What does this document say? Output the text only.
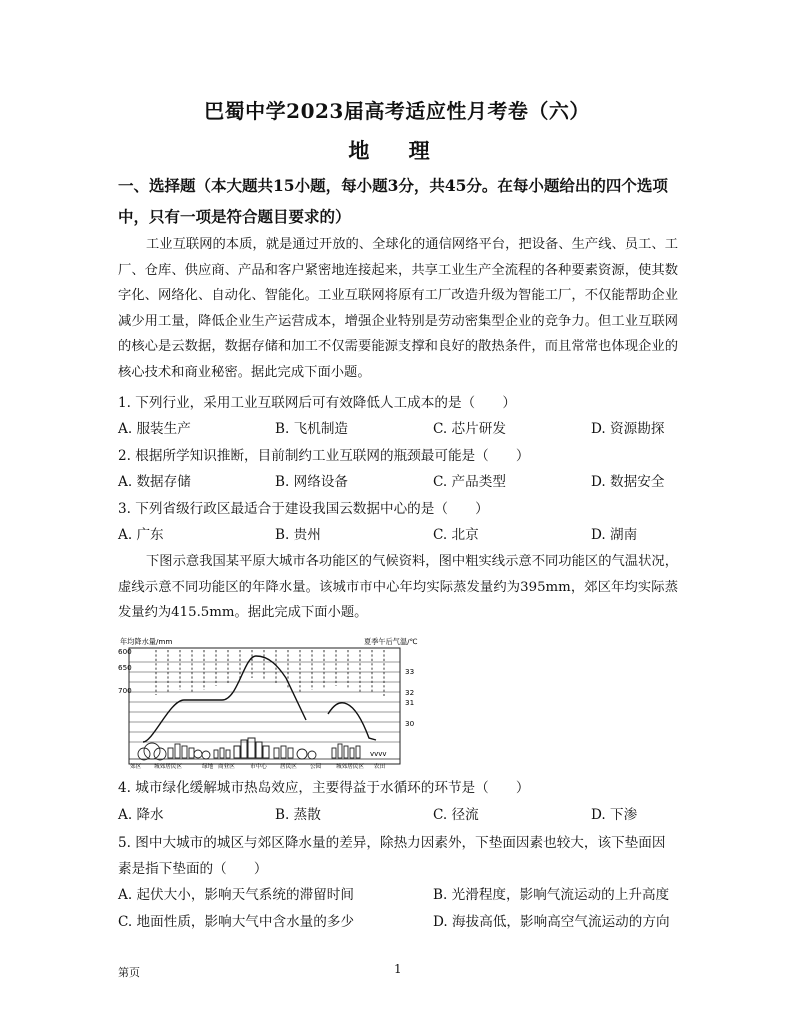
巴蜀中学2023届高考适应性月考卷（六）
地 理
一、选择题（本大题共15小题，每小题3分，共45分。在每小题给出的四个选项中，只有一项是符合题目要求的）
工业互联网的本质，就是通过开放的、全球化的通信网络平台，把设备、生产线、员工、工厂、仓库、供应商、产品和客户紧密地连接起来，共享工业生产全流程的各种要素资源，使其数字化、网络化、自动化、智能化。工业互联网将原有工厂改造升级为智能工厂，不仅能帮助企业减少用工量，降低企业生产运营成本，增强企业特别是劳动密集型企业的竞争力。但工业互联网的核心是云数据，数据存储和加工不仅需要能源支撑和良好的散热条件，而且常常也体现企业的核心技术和商业秘密。据此完成下面小题。
1. 下列行业，采用工业互联网后可有效降低人工成本的是（　　）
A. 服装生产	B. 飞机制造	C. 芯片研发	D. 资源勘探
2. 根据所学知识推断，目前制约工业互联网的瓶颈最可能是（　　）
A. 数据存储	B. 网络设备	C. 产品类型	D. 数据安全
3. 下列省级行政区最适合于建设我国云数据中心的是（　　）
A. 广东	B. 贵州	C. 北京	D. 湖南
下图示意我国某平原大城市各功能区的气候资料，图中粗实线示意不同功能区的气温状况，虚线示意不同功能区的年降水量。该城市市中心年均实际蒸发量约为395mm，郊区年均实际蒸发量约为415.5mm。据此完成下面小题。
年均降水量/mm	夏季午后气温/℃
600
650
700
33
32
31
30
vvvv
郊区 城郊居民区	绿地 商业区	市中心 居民区 公园	城郊居民区 农田
4. 城市绿化缓解城市热岛效应，主要得益于水循环的环节是（　　）
A. 降水	B. 蒸散	C. 径流	D. 下渗
5. 图中大城市的城区与郊区降水量的差异，除热力因素外，下垫面因素也较大，该下垫面因素是指下垫面的（　　）
A. 起伏大小，影响天气系统的滞留时间	B. 光滑程度，影响气流运动的上升高度
C. 地面性质，影响大气中含水量的多少	D. 海拔高低，影响高空气流运动的方向
第页	1
